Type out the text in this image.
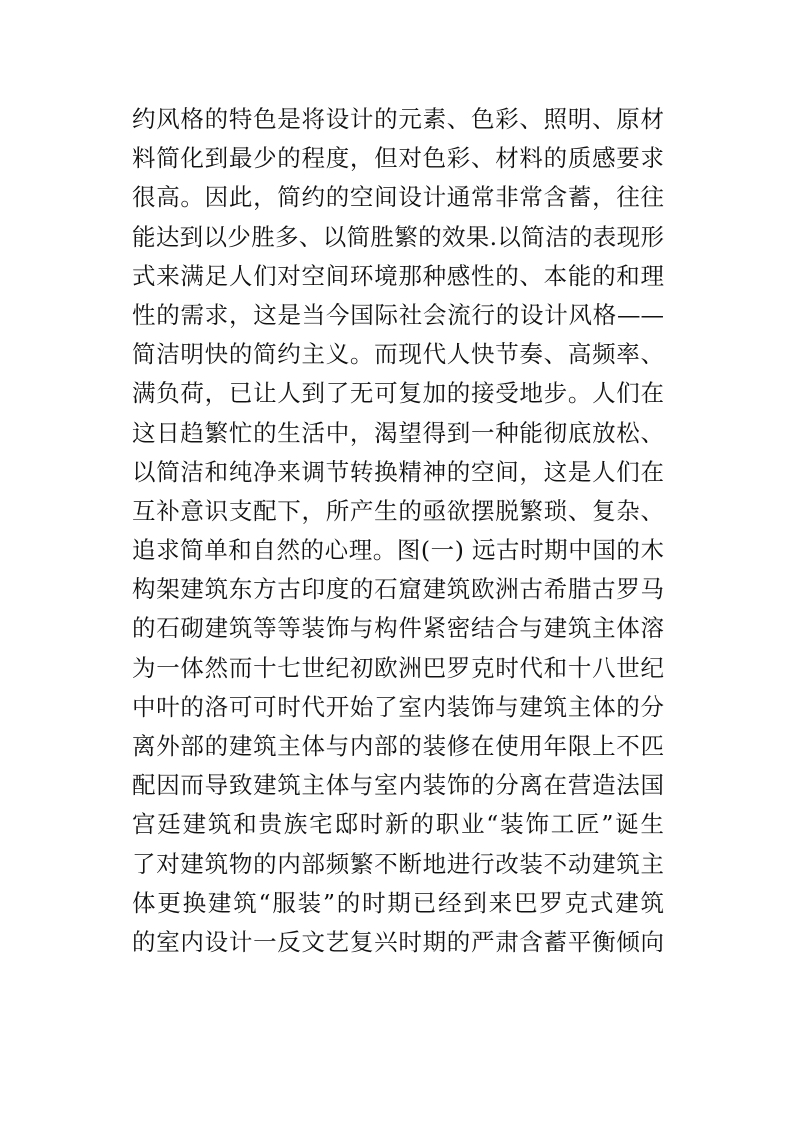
约风格的特色是将设计的元素、色彩、照明、原材
料简化到最少的程度，但对色彩、材料的质感要求
很高。因此，简约的空间设计通常非常含蓄，往往
能达到以少胜多、以简胜繁的效果.以简洁的表现形
式来满足人们对空间环境那种感性的、本能的和理
性的需求，这是当今国际社会流行的设计风格——
简洁明快的简约主义。而现代人快节奏、高频率、
满负荷，已让人到了无可复加的接受地步。人们在
这日趋繁忙的生活中，渴望得到一种能彻底放松、
以简洁和纯净来调节转换精神的空间，这是人们在
互补意识支配下，所产生的亟欲摆脱繁琐、复杂、
追求简单和自然的心理。图(一) 远古时期中国的木
构架建筑东方古印度的石窟建筑欧洲古希腊古罗马
的石砌建筑等等装饰与构件紧密结合与建筑主体溶
为一体然而十七世纪初欧洲巴罗克时代和十八世纪
中叶的洛可可时代开始了室内装饰与建筑主体的分
离外部的建筑主体与内部的装修在使用年限上不匹
配因而导致建筑主体与室内装饰的分离在营造法国
宫廷建筑和贵族宅邸时新的职业“装饰工匠”诞生
了对建筑物的内部频繁不断地进行改装不动建筑主
体更换建筑“服装”的时期已经到来巴罗克式建筑
的室内设计一反文艺复兴时期的严肃含蓄平衡倾向
